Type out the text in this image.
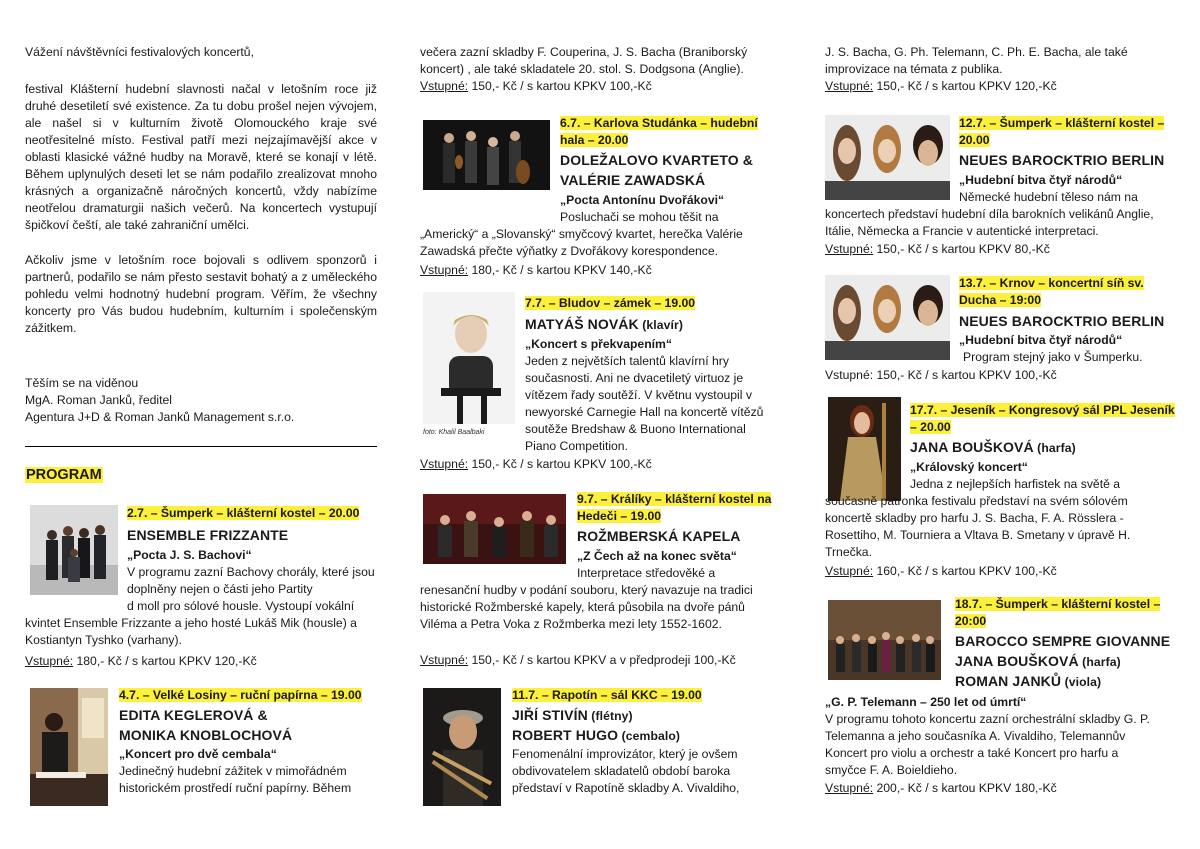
Vážení návštěvníci festivalových koncertů,

festival Klášterní hudební slavnosti načal v letošním roce již druhé desetiletí své existence. Za tu dobu prošel nejen vývojem, ale našel si v kulturním životě Olomouckého kraje své neotřesitelné místo. Festival patří mezi nejzajímavější akce v oblasti klasické vážné hudby na Moravě, které se konají v létě. Během uplynulých deseti let se nám podařilo zrealizovat mnoho krásných a organizačně náročných koncertů, vždy nabízíme neotřelou dramaturgii našich večerů. Na koncertech vystupují špičkoví čeští, ale také zahraniční umělci.

Ačkoliv jsme v letošním roce bojovali s odlivem sponzorů i partnerů, podařilo se nám přesto sestavit bohatý a z uměleckého pohledu velmi hodnotný hudební program. Věřím, že všechny koncerty pro Vás budou hudebním, kulturním i společenským zážitkem.

Těším se na viděnou

MgA. Roman Janků, ředitel

Agentura J+D & Roman Janků Management s.r.o.

PROGRAM

2.7. – Šumperk – klášterní kostel – 20.00

ENSEMBLE FRIZZANTE

„Pocta J. S. Bachovi“

V programu zazní Bachovy chorály, které jsou doplněny nejen o části jeho Partity

d moll pro sólové housle. Vystoupí vokální kvintet Ensemble Frizzante a jeho hosté Lukáš Mik (housle) a Kostiantyn Tyshko (varhany).

Vstupné: 180,- Kč / s kartou KPKV 120,-Kč

4.7. – Velké Losiny – ruční papírna – 19.00

EDITA KEGLEROVÁ &

MONIKA KNOBLOCHOVÁ

„Koncert pro dvě cembala“

Jedinečný hudební zážitek v mimořádném historickém prostředí ruční papírny. Během

večera zazní skladby F. Couperina, J. S. Bacha (Braniborský koncert) , ale také skladatele 20. stol. S. Dodgsona (Anglie).

Vstupné: 150,- Kč / s kartou KPKV 100,-Kč

6.7. – Karlova Studánka – hudební hala – 20.00

DOLEŽALOVO KVARTETO &

VALÉRIE ZAWADSKÁ

„Pocta Antonínu Dvořákovi“

Posluchači se mohou těšit na „Americký“ a „Slovanský“ smyčcový kvartet, herečka Valérie Zawadská přečte výňatky z Dvořákovy korespondence.

Vstupné: 180,- Kč / s kartou KPKV 140,-Kč

foto: Khalil Baalbaki

7.7. – Bludov – zámek – 19.00

MATYÁŠ NOVÁK (klavír)

„Koncert s překvapením“

Jeden z největších talentů klavírní hry současnosti. Ani ne dvacetiletý virtuoz je vítězem řady soutěží. V květnu vystoupil v newyorské Carnegie Hall na koncertě vítězů soutěže Bredshaw & Buono International Piano Competition.

Vstupné: 150,- Kč / s kartou KPKV 100,-Kč

9.7. – Králíky – klášterní kostel na Hedeči – 19.00

ROŽMBERSKÁ KAPELA

„Z Čech až na konec světa“

Interpretace středověké a renesanční hudby v podání souboru, který navazuje na tradici historické Rožmberské kapely, která působila na dvoře pánů Viléma a Petra Voka z Rožmberka mezi lety 1552-1602.

Vstupné: 150,- Kč / s kartou KPKV a v předprodeji 100,-Kč

11.7. – Rapotín – sál KKC – 19.00

JIŘÍ STIVÍN (flétny)

ROBERT HUGO (cembalo)

Fenomenální improvizátor, který je ovšem obdivovatelem skladatelů období baroka představí v Rapotíně skladby A. Vivaldiho,

J. S. Bacha, G. Ph. Telemann, C. Ph. E. Bacha, ale také improvizace na témata z publika.

Vstupné: 150,- Kč / s kartou KPKV 120,-Kč

12.7. – Šumperk – klášterní kostel – 20.00

NEUES BAROCKTRIO BERLIN

„Hudební bitva čtyř národů“

Německé hudební těleso nám na koncertech představí hudební díla barokních velikánů Anglie, Itálie, Německa a Francie v autentické interpretaci.

Vstupné: 150,- Kč / s kartou KPKV 80,-Kč

13.7. – Krnov – koncertní síň sv. Ducha – 19:00

NEUES BAROCKTRIO BERLIN

„Hudební bitva čtyř národů“

Program stejný jako v Šumperku.

Vstupné: 150,- Kč / s kartou KPKV 100,-Kč

17.7. – Jeseník – Kongresový sál PPL Jeseník – 20.00

JANA BOUŠKOVÁ (harfa)

„Královský koncert“

Jedna z nejlepších harfistek na světě a současně patronka festivalu představí na svém sólovém koncertě skladby pro harfu J. S. Bacha, F. A. Rösslera - Rosettiho, M. Tourniera a Vltava B. Smetany v úpravě H. Trnečka.

Vstupné: 160,- Kč / s kartou KPKV 100,-Kč

18.7. – Šumperk – klášterní kostel – 20:00

BAROCCO SEMPRE GIOVANNE

JANA BOUŠKOVÁ (harfa)

ROMAN JANKŮ (viola)

„G. P. Telemann – 250 let od úmrtí“

V programu tohoto koncertu zazní orchestrální skladby G. P. Telemanna a jeho současníka A. Vivaldiho, Telemannův Koncert pro violu a orchestr a také Koncert pro harfu a smyčce F. A. Boieldieho.

Vstupné: 200,- Kč / s kartou KPKV 180,-Kč
